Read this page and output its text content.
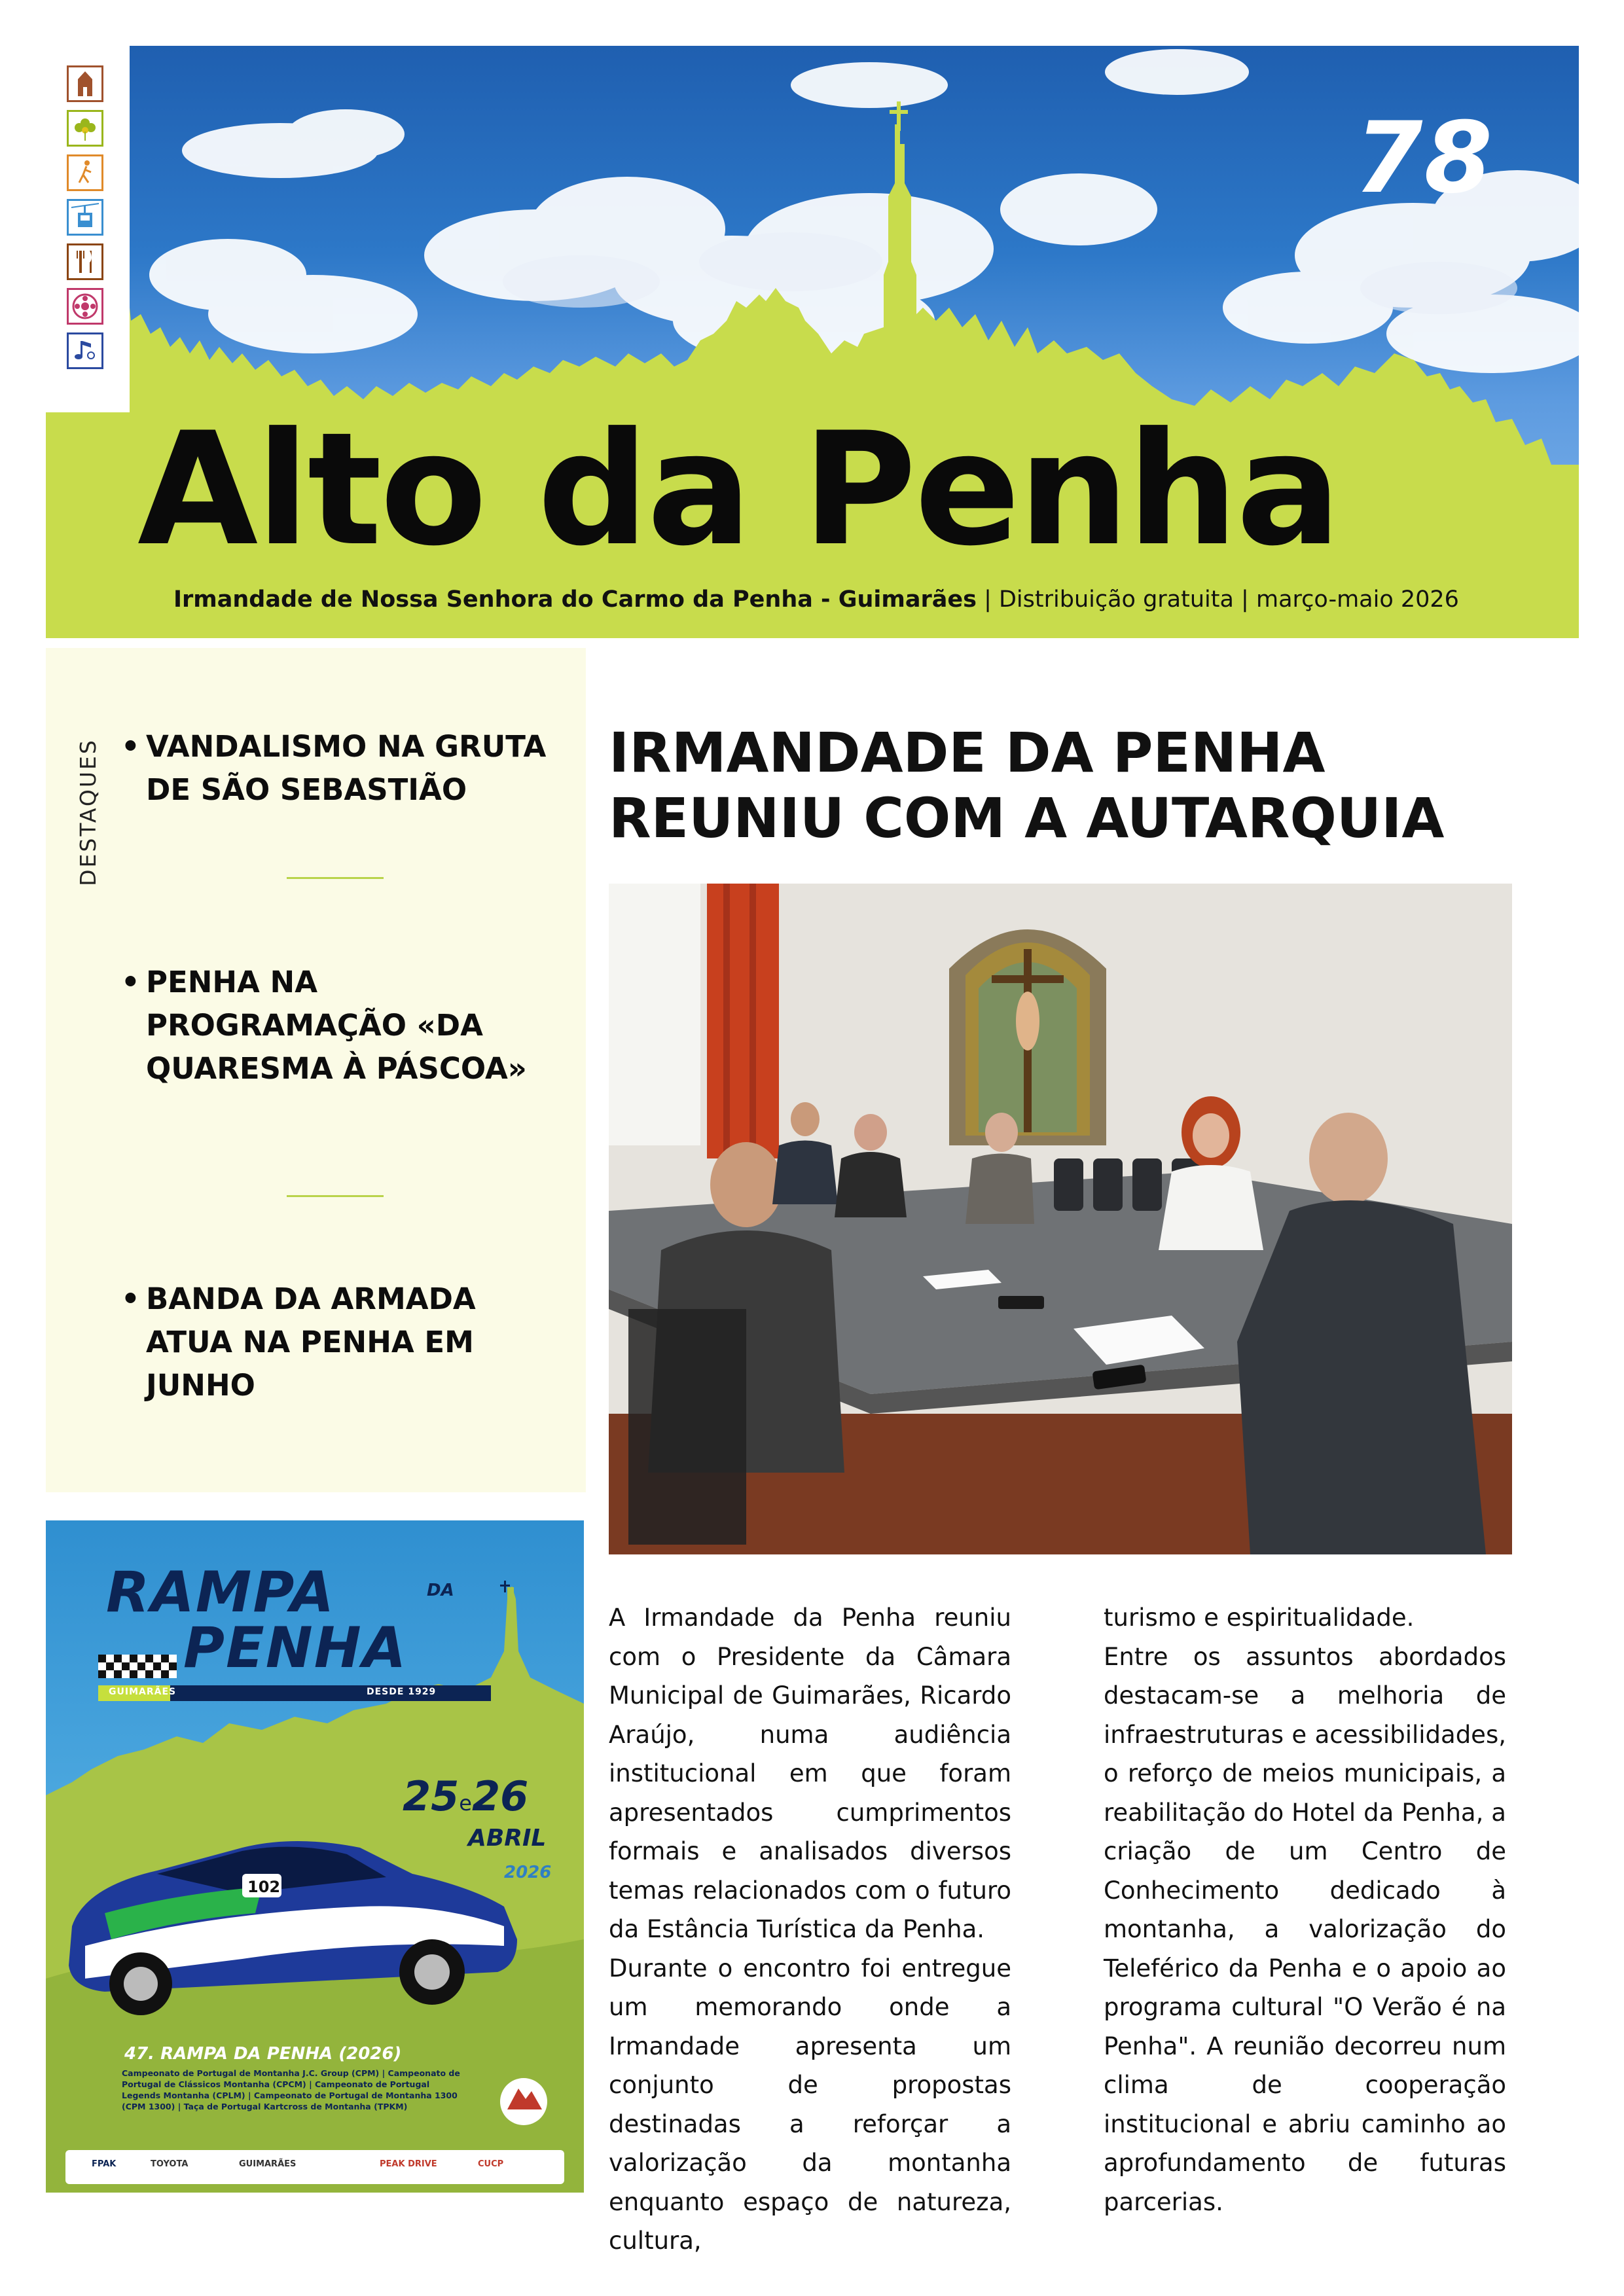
78
Alto da Penha
Irmandade de Nossa Senhora do Carmo da Penha - Guimarães | Distribuição gratuita | março-maio 2026
DESTAQUES • VANDALISMO NA GRUTA DE SÃO SEBASTIÃO
• PENHA NA PROGRAMAÇÃO «DA QUARESMA À PÁSCOA»
• BANDA DA ARMADA ATUA NA PENHA EM JUNHO
102
RAMPA	DA
PENHA
GUIMARÃES	DESDE 1929
25e26
ABRIL
2026
47. RAMPA DA PENHA (2026)
Campeonato de Portugal de Montanha J.C. Group (CPM) | Campeonato de Portugal de Clássicos Montanha (CPCM) | Campeonato de Portugal Legends Montanha (CPLM) | Campeonato de Portugal de Montanha 1300 (CPM 1300) | Taça de Portugal Kartcross de Montanha (TPKM)
FPAK	TOYOTA	GUIMARÃES	PEAK DRIVE	CUCP
IRMANDADE DA PENHA REUNIU COM A AUTARQUIA

A Irmandade da Penha reuniu com o Presidente da Câmara Municipal de Guimarães, Ricardo Araújo, numa audiência institucional em que foram apresentados cumprimentos formais e analisados diversos temas relacionados com o futuro da Estância Turística da Penha.

Durante o encontro foi entregue um memorando onde a Irmandade apresenta um conjunto de propostas destinadas a reforçar a valorização da montanha enquanto espaço de natureza, cultura,

turismo e espiritualidade.

Entre os assuntos abordados destacam-se a melhoria de infraestruturas e acessibilidades, o reforço de meios municipais, a reabilitação do Hotel da Penha, a criação de um Centro de Conhecimento dedicado à montanha, a valorização do Teleférico da Penha e o apoio ao programa cultural "O Verão é na Penha". A reunião decorreu num clima de cooperação institucional e abriu caminho ao aprofundamento de futuras parcerias.
